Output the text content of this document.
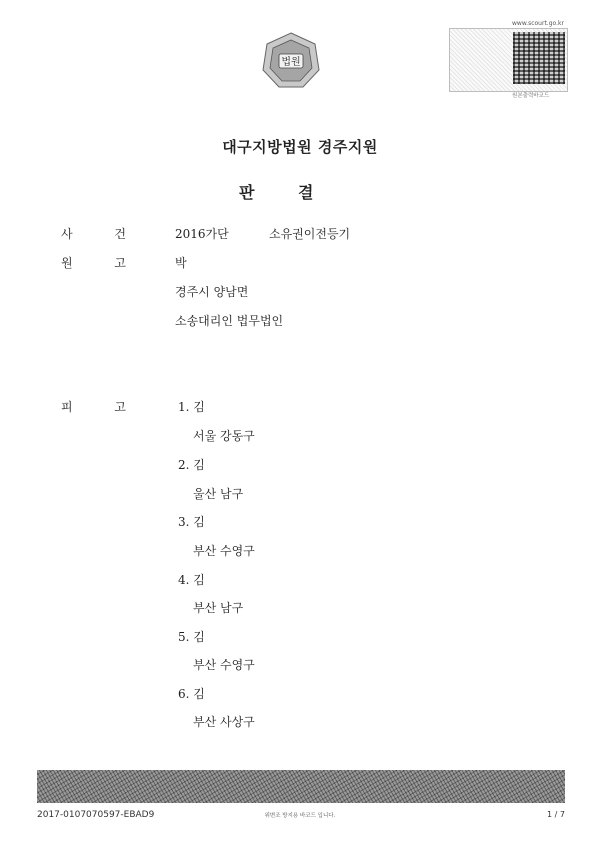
법원
www.scourt.go.kr
원본출력바코드
대구지방법원 경주지원
판 결
사 건	2016가단	소유권이전등기
원 고	박
경주시 양남면
소송대리인 법무법인
피 고	1. 김
서울 강동구
2. 김
울산 남구
3. 김
부산 수영구
4. 김
부산 남구
5. 김
부산 수영구
6. 김
부산 사상구
2017-0107070597-EBAD9	위변조 방지용 바코드 입니다.	1 / 7
